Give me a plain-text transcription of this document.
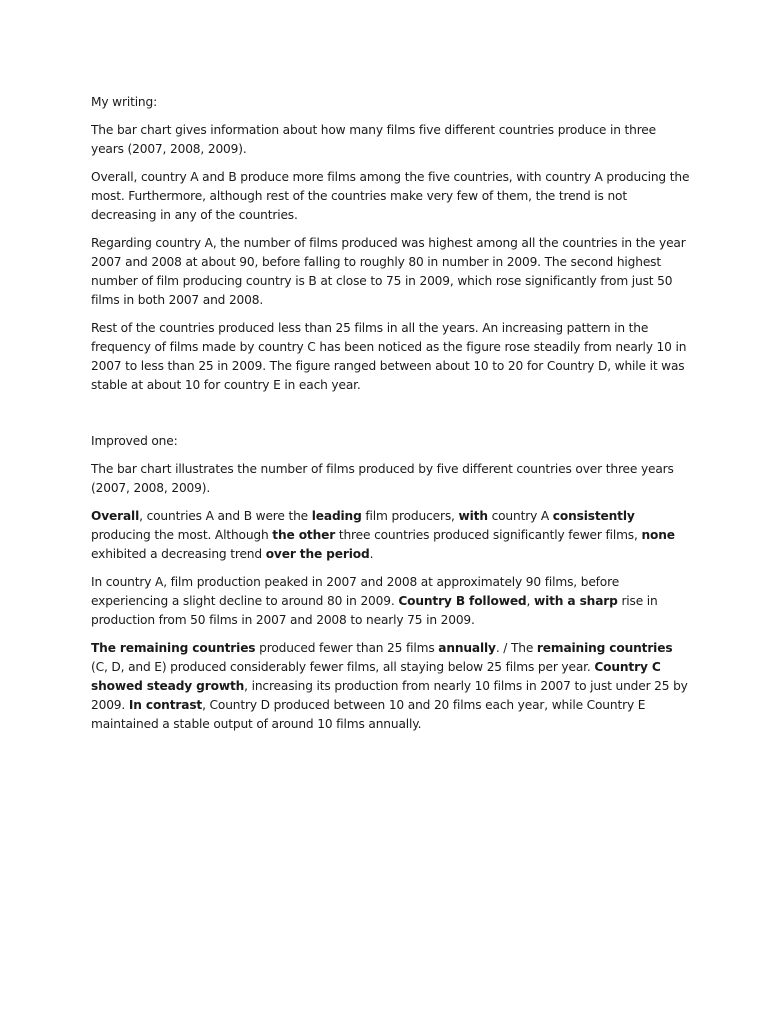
My writing:

The bar chart gives information about how many films five different countries produce in three years (2007, 2008, 2009).

Overall, country A and B produce more films among the five countries, with country A producing the most. Furthermore, although rest of the countries make very few of them, the trend is not decreasing in any of the countries.

Regarding country A, the number of films produced was highest among all the countries in the year 2007 and 2008 at about 90, before falling to roughly 80 in number in 2009. The second highest number of film producing country is B at close to 75 in 2009, which rose significantly from just 50 films in both 2007 and 2008.

Rest of the countries produced less than 25 films in all the years. An increasing pattern in the frequency of films made by country C has been noticed as the figure rose steadily from nearly 10 in 2007 to less than 25 in 2009. The figure ranged between about 10 to 20 for Country D, while it was stable at about 10 for country E in each year.

Improved one:

The bar chart illustrates the number of films produced by five different countries over three years (2007, 2008, 2009).

Overall, countries A and B were the leading film producers, with country A consistently producing the most. Although the other three countries produced significantly fewer films, none exhibited a decreasing trend over the period.

In country A, film production peaked in 2007 and 2008 at approximately 90 films, before experiencing a slight decline to around 80 in 2009. Country B followed, with a sharp rise in production from 50 films in 2007 and 2008 to nearly 75 in 2009.

The remaining countries produced fewer than 25 films annually. / The remaining countries (C, D, and E) produced considerably fewer films, all staying below 25 films per year. Country C showed steady growth, increasing its production from nearly 10 films in 2007 to just under 25 by 2009. In contrast, Country D produced between 10 and 20 films each year, while Country E maintained a stable output of around 10 films annually.
